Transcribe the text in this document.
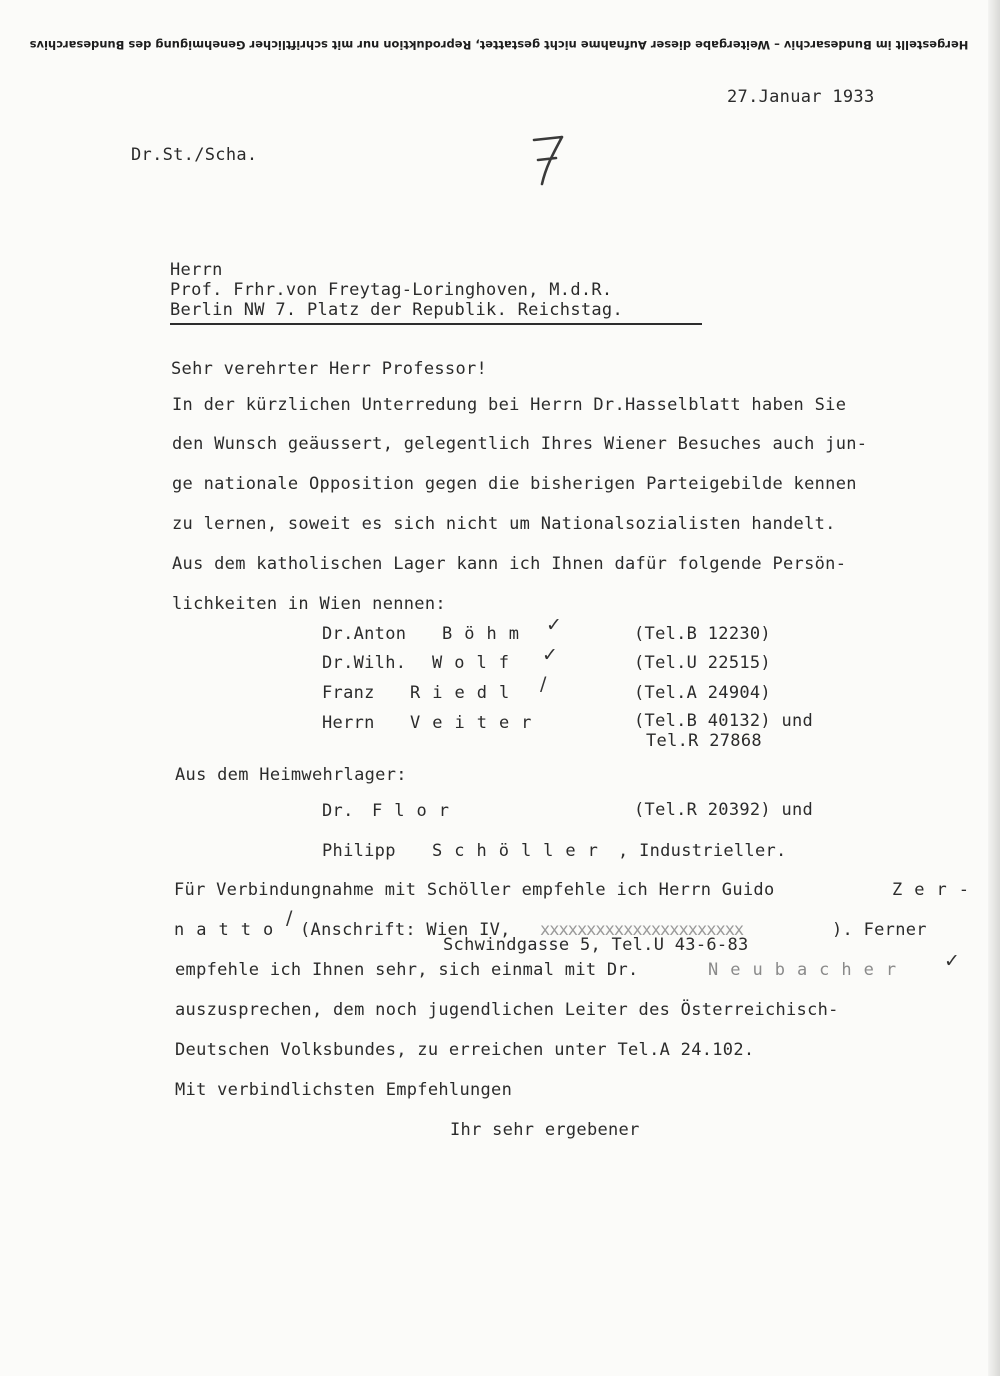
Hergestellt im Bundesarchiv – Weitergabe dieser Aufnahme nicht gestattet, Reproduktion nur mit schriftlicher Genehmigung des Bundesarchivs
27.Januar 1933
Dr.St./Scha.
Herrn
Prof. Frhr.von Freytag-Loringhoven, M.d.R.
Berlin NW 7. Platz der Republik. Reichstag.
Sehr verehrter Herr Professor!
In der kürzlichen Unterredung bei Herrn Dr.Hasselblatt haben Sie
den Wunsch geäussert, gelegentlich Ihres Wiener Besuches auch jun-
ge nationale Opposition gegen die bisherigen Parteigebilde kennen
zu lernen, soweit es sich nicht um Nationalsozialisten handelt.
Aus dem katholischen Lager kann ich Ihnen dafür folgende Persön-
lichkeiten in Wien nennen:
Dr.Anton Böhm ✓	(Tel.B 12230)
Dr.Wilh. Wolf ✓	(Tel.U 22515)
Franz Riedl /	(Tel.A 24904)
Herrn Veiter	(Tel.B 40132) und
Tel.R 27868
Aus dem Heimwehrlager:
Dr. Flor	(Tel.R 20392) und
Philipp Schöller , Industrieller.
Für Verbindungnahme mit Schöller empfehle ich Herrn Guido	Zer-
natto
/
(Anschrift: Wien IV, xxxxxxxxxxxxxxxxxxxxxx	). Ferner
Schwindgasse 5, Tel.U 43-6-83
empfehle ich Ihnen sehr, sich einmal mit Dr.	Neubacher ✓
auszusprechen, dem noch jugendlichen Leiter des Österreichisch-
Deutschen Volksbundes, zu erreichen unter Tel.A 24.102.
Mit verbindlichsten Empfehlungen
Ihr sehr ergebener
